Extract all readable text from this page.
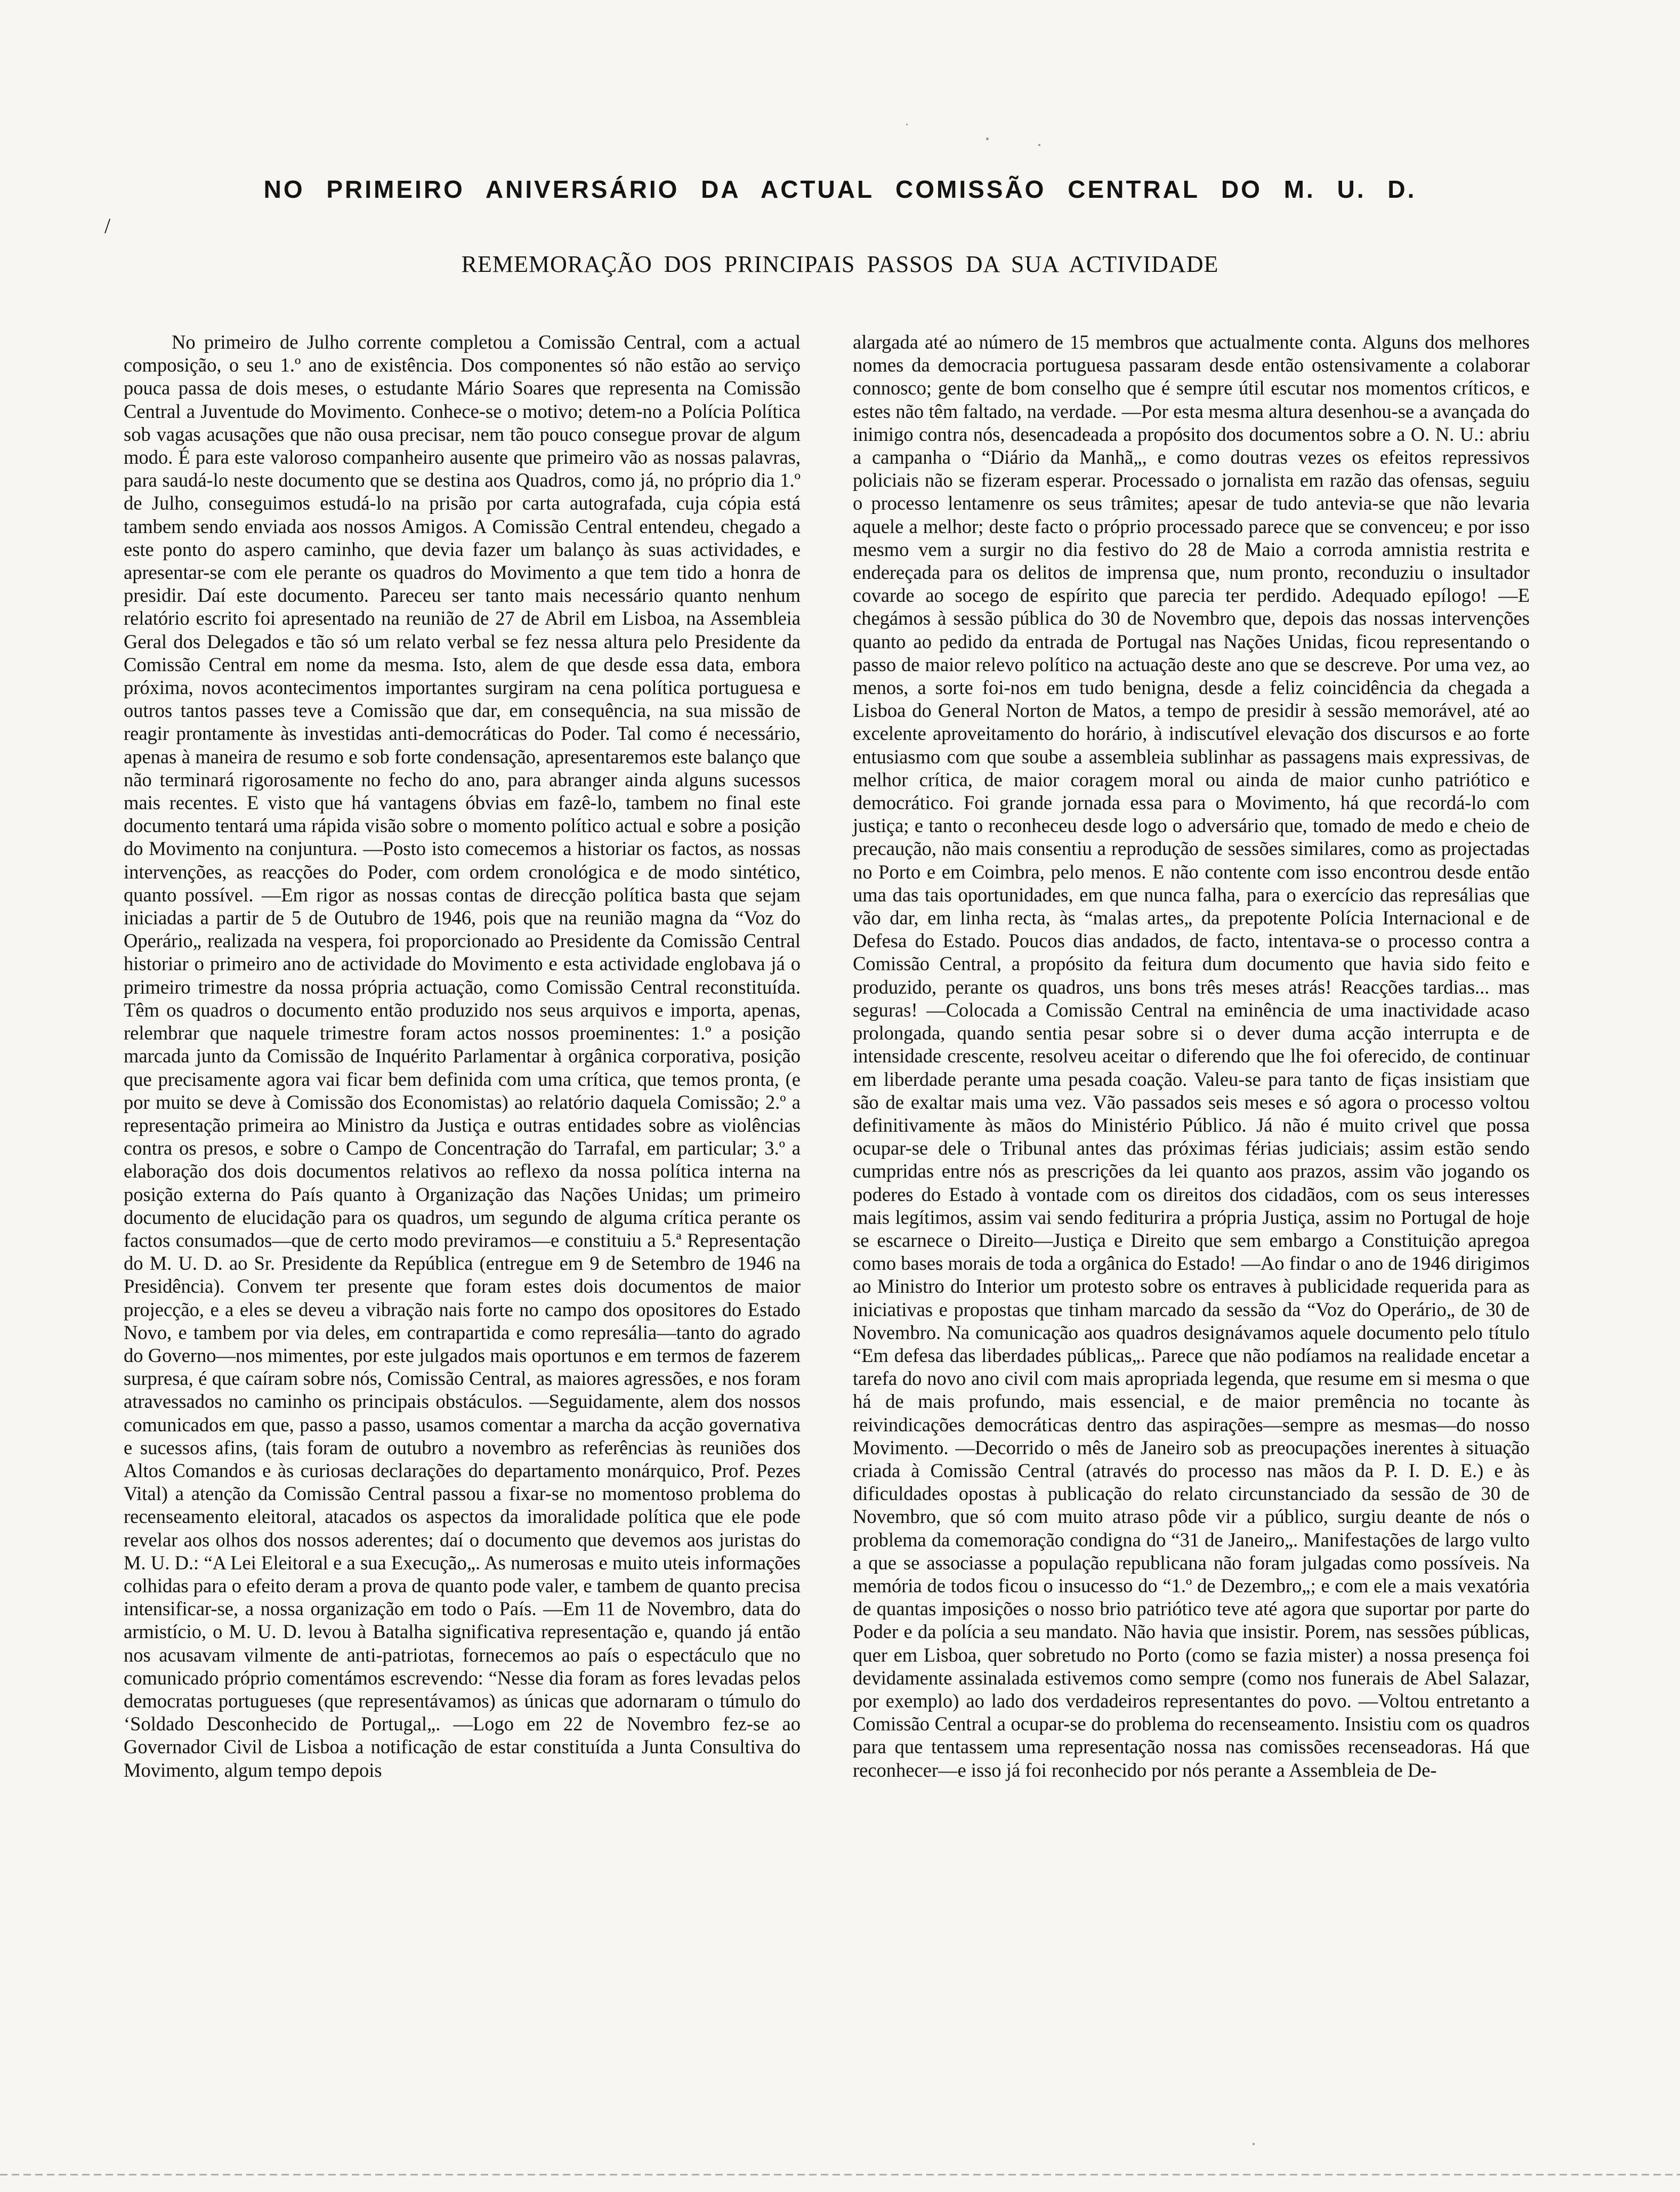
NO PRIMEIRO ANIVERSÁRIO DA ACTUAL COMISSÃO CENTRAL DO M. U. D.
/
REMEMORAÇÃO DOS PRINCIPAIS PASSOS DA SUA ACTIVIDADE

No primeiro de Julho corrente completou a Comissão Central, com a actual composição, o seu 1.º ano de existência. Dos componentes só não estão ao serviço pouca passa de dois meses, o estudante Mário Soares que representa na Comissão Central a Juventude do Movimento. Conhece-se o motivo; detem-no a Polícia Política sob vagas acusações que não ousa precisar, nem tão pouco consegue provar de algum modo. É para este valoroso companheiro ausente que primeiro vão as nossas palavras, para saudá-lo neste documento que se destina aos Quadros, como já, no próprio dia 1.º de Julho, conseguimos estudá-lo na prisão por carta autografada, cuja cópia está tambem sendo enviada aos nossos Amigos. A Comissão Central entendeu, chegado a este ponto do aspero caminho, que devia fazer um balanço às suas actividades, e apresentar-se com ele perante os quadros do Movimento a que tem tido a honra de presidir. Daí este documento. Pareceu ser tanto mais necessário quanto nenhum relatório escrito foi apresentado na reunião de 27 de Abril em Lisboa, na Assembleia Geral dos Delegados e tão só um relato verbal se fez nessa altura pelo Presidente da Comissão Central em nome da mesma. Isto, alem de que desde essa data, embora próxima, novos acontecimentos importantes surgiram na cena política portuguesa e outros tantos passes teve a Comissão que dar, em consequência, na sua missão de reagir prontamente às investidas anti-democráticas do Poder. Tal como é necessário, apenas à maneira de resumo e sob forte condensação, apresentaremos este balanço que não terminará rigorosamente no fecho do ano, para abranger ainda alguns sucessos mais recentes. E visto que há vantagens óbvias em fazê-lo, tambem no final este documento tentará uma rápida visão sobre o momento político actual e sobre a posição do Movimento na conjuntura. —Posto isto comecemos a historiar os factos, as nossas intervenções, as reacções do Poder, com ordem cronológica e de modo sintético, quanto possível. —Em rigor as nossas contas de direcção política basta que sejam iniciadas a partir de 5 de Outubro de 1946, pois que na reunião magna da “Voz do Operário„ realizada na vespera, foi proporcionado ao Presidente da Comissão Central historiar o primeiro ano de actividade do Movimento e esta actividade englobava já o primeiro trimestre da nossa própria actuação, como Comissão Central reconstituída. Têm os quadros o documento então produzido nos seus arquivos e importa, apenas, relembrar que naquele trimestre foram actos nossos proeminentes: 1.º a posição marcada junto da Comissão de Inquérito Parlamentar à orgânica corporativa, posição que precisamente agora vai ficar bem definida com uma crítica, que temos pronta, (e por muito se deve à Comissão dos Economistas) ao relatório daquela Comissão; 2.º a representação primeira ao Ministro da Justiça e outras entidades sobre as violências contra os presos, e sobre o Campo de Concentração do Tarrafal, em particular; 3.º a elaboração dos dois documentos relativos ao reflexo da nossa política interna na posição externa do País quanto à Organização das Nações Unidas; um primeiro documento de elucidação para os quadros, um segundo de alguma crítica perante os factos consumados—que de certo modo previramos—e constituiu a 5.ª Representação do M. U. D. ao Sr. Presidente da República (entregue em 9 de Setembro de 1946 na Presidência). Convem ter presente que foram estes dois documentos de maior projecção, e a eles se deveu a vibração nais forte no campo dos opositores do Estado Novo, e tambem por via deles, em contrapartida e como represália—tanto do agrado do Governo—nos mimentes, por este julgados mais oportunos e em termos de fazerem surpresa, é que caíram sobre nós, Comissão Central, as maiores agressões, e nos foram atravessados no caminho os principais obstáculos. —Seguidamente, alem dos nossos comunicados em que, passo a passo, usamos comentar a marcha da acção governativa e sucessos afins, (tais foram de outubro a novembro as referências às reuniões dos Altos Comandos e às curiosas declarações do departamento monárquico, Prof. Pezes Vital) a atenção da Comissão Central passou a fixar-se no momentoso problema do recenseamento eleitoral, atacados os aspectos da imoralidade política que ele pode revelar aos olhos dos nossos aderentes; daí o documento que devemos aos juristas do M. U. D.: “A Lei Eleitoral e a sua Execução„. As numerosas e muito uteis informações colhidas para o efeito deram a prova de quanto pode valer, e tambem de quanto precisa intensificar-se, a nossa organização em todo o País. —Em 11 de Novembro, data do armistício, o M. U. D. levou à Batalha significativa representação e, quando já então nos acusavam vilmente de anti-patriotas, fornecemos ao país o espectáculo que no comunicado próprio comentámos escrevendo: “Nesse dia foram as fores levadas pelos democratas portugueses (que representávamos) as únicas que adornaram o túmulo do ‘Soldado Desconhecido de Portugal„. —Logo em 22 de Novembro fez-se ao Governador Civil de Lisboa a notificação de estar constituída a Junta Consultiva do Movimento, algum tempo depois

alargada até ao número de 15 membros que actualmente conta. Alguns dos melhores nomes da democracia portuguesa passaram desde então ostensivamente a colaborar connosco; gente de bom conselho que é sempre útil escutar nos momentos críticos, e estes não têm faltado, na verdade. —Por esta mesma altura desenhou-se a avançada do inimigo contra nós, desencadeada a propósito dos documentos sobre a O. N. U.: abriu a campanha o “Diário da Manhã„, e como doutras vezes os efeitos repressivos policiais não se fizeram esperar. Processado o jornalista em razão das ofensas, seguiu o processo lentamenre os seus trâmites; apesar de tudo antevia-se que não levaria aquele a melhor; deste facto o próprio processado parece que se convenceu; e por isso mesmo vem a surgir no dia festivo do 28 de Maio a corroda amnistia restrita e endereçada para os delitos de imprensa que, num pronto, reconduziu o insultador covarde ao socego de espírito que parecia ter perdido. Adequado epílogo! —E chegámos à sessão pública do 30 de Novembro que, depois das nossas intervenções quanto ao pedido da entrada de Portugal nas Nações Unidas, ficou representando o passo de maior relevo político na actuação deste ano que se descreve. Por uma vez, ao menos, a sorte foi-nos em tudo benigna, desde a feliz coincidência da chegada a Lisboa do General Norton de Matos, a tempo de presidir à sessão memorável, até ao excelente aproveitamento do horário, à indiscutível elevação dos discursos e ao forte entusiasmo com que soube a assembleia sublinhar as passagens mais expressivas, de melhor crítica, de maior coragem moral ou ainda de maior cunho patriótico e democrático. Foi grande jornada essa para o Movimento, há que recordá-lo com justiça; e tanto o reconheceu desde logo o adversário que, tomado de medo e cheio de precaução, não mais consentiu a reprodução de sessões similares, como as projectadas no Porto e em Coimbra, pelo menos. E não contente com isso encontrou desde então uma das tais oportunidades, em que nunca falha, para o exercício das represálias que vão dar, em linha recta, às “malas artes„ da prepotente Polícia Internacional e de Defesa do Estado. Poucos dias andados, de facto, intentava-se o processo contra a Comissão Central, a propósito da feitura dum documento que havia sido feito e produzido, perante os quadros, uns bons três meses atrás! Reacções tardias... mas seguras! —Colocada a Comissão Central na eminência de uma inactividade acaso prolongada, quando sentia pesar sobre si o dever duma acção interrupta e de intensidade crescente, resolveu aceitar o diferendo que lhe foi oferecido, de continuar em liberdade perante uma pesada coação. Valeu-se para tanto de fiças insistiam que são de exaltar mais uma vez. Vão passados seis meses e só agora o processo voltou definitivamente às mãos do Ministério Público. Já não é muito crivel que possa ocupar-se dele o Tribunal antes das próximas férias judiciais; assim estão sendo cumpridas entre nós as prescrições da lei quanto aos prazos, assim vão jogando os poderes do Estado à vontade com os direitos dos cidadãos, com os seus interesses mais legítimos, assim vai sendo fediturira a própria Justiça, assim no Portugal de hoje se escarnece o Direito—Justiça e Direito que sem embargo a Constituição apregoa como bases morais de toda a orgânica do Estado! —Ao findar o ano de 1946 dirigimos ao Ministro do Interior um protesto sobre os entraves à publicidade requerida para as iniciativas e propostas que tinham marcado da sessão da “Voz do Operário„ de 30 de Novembro. Na comunicação aos quadros designávamos aquele documento pelo título “Em defesa das liberdades públicas„. Parece que não podíamos na realidade encetar a tarefa do novo ano civil com mais apropriada legenda, que resume em si mesma o que há de mais profundo, mais essencial, e de maior premência no tocante às reivindicações democráticas dentro das aspirações—sempre as mesmas—do nosso Movimento. —Decorrido o mês de Janeiro sob as preocupações inerentes à situação criada à Comissão Central (através do processo nas mãos da P. I. D. E.) e às dificuldades opostas à publicação do relato circunstanciado da sessão de 30 de Novembro, que só com muito atraso pôde vir a público, surgiu deante de nós o problema da comemoração condigna do “31 de Janeiro„. Manifestações de largo vulto a que se associasse a população republicana não foram julgadas como possíveis. Na memória de todos ficou o insucesso do “1.º de Dezembro„; e com ele a mais vexatória de quantas imposições o nosso brio patriótico teve até agora que suportar por parte do Poder e da polícia a seu mandato. Não havia que insistir. Porem, nas sessões públicas, quer em Lisboa, quer sobretudo no Porto (como se fazia mister) a nossa presença foi devidamente assinalada estivemos como sempre (como nos funerais de Abel Salazar, por exemplo) ao lado dos verdadeiros representantes do povo. —Voltou entretanto a Comissão Central a ocupar-se do problema do recenseamento. Insistiu com os quadros para que tentassem uma representação nossa nas comissões recenseadoras. Há que reconhecer—e isso já foi reconhecido por nós perante a Assembleia de De-
